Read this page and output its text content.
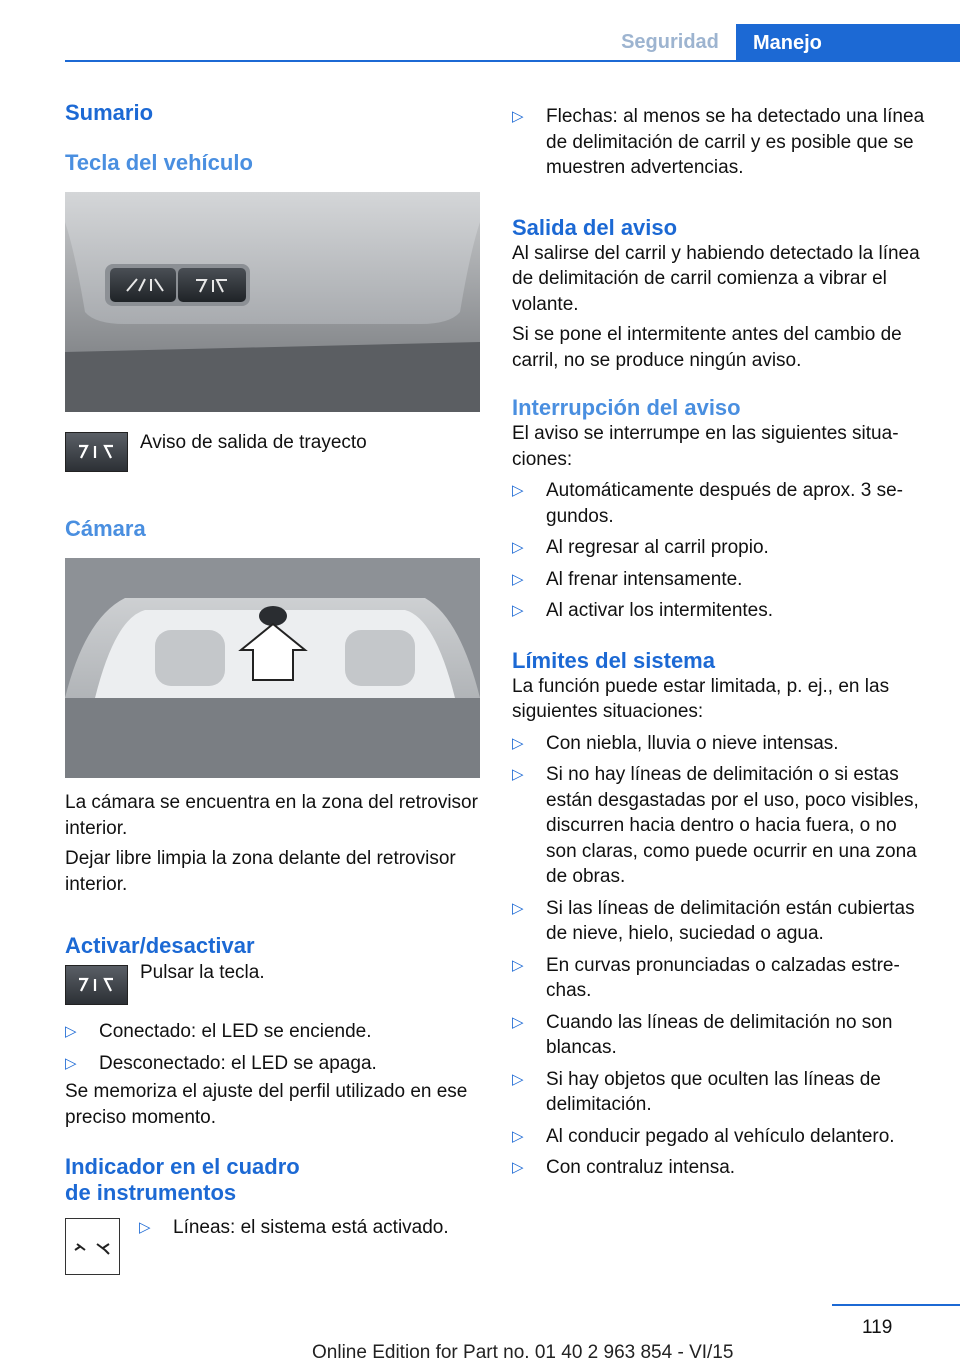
Seguridad	Manejo
Sumario
Tecla del vehículo

Aviso de salida de trayecto

Cámara

La cámara se encuentra en la zona del retrovisor interior.

Dejar libre limpia la zona delante del retrovisor interior.

Activar/desactivar

Pulsar la tecla.

▷ Conectado: el LED se enciende.
▷ Desconectado: el LED se apaga.

Se memoriza el ajuste del perfil utilizado en ese preciso momento.

Indicador en el cuadro
de instrumentos
▷ Líneas: el sistema está activado.
▷ Flechas: al menos se ha detectado una línea de delimitación de carril y es posible que se muestren advertencias.
Salida del aviso

Al salirse del carril y habiendo detectado la línea de delimitación de carril comienza a vibrar el volante.

Si se pone el intermitente antes del cambio de carril, no se produce ningún aviso.

Interrupción del aviso

El aviso se interrumpe en las siguientes situaciones:

▷ Automáticamente después de aprox. 3 segundos.
▷ Al regresar al carril propio.
▷ Al frenar intensamente.
▷ Al activar los intermitentes.
Límites del sistema

La función puede estar limitada, p. ej., en las siguientes situaciones:

▷ Con niebla, lluvia o nieve intensas.
▷ Si no hay líneas de delimitación o si estas están desgastadas por el uso, poco visibles, discurren hacia dentro o hacia fuera, o no son claras, como puede ocurrir en una zona de obras.
▷ Si las líneas de delimitación están cubiertas de nieve, hielo, suciedad o agua.
▷ En curvas pronunciadas o calzadas estrechas.
▷ Cuando las líneas de delimitación no son blancas.
▷ Si hay objetos que oculten las líneas de delimitación.
▷ Al conducir pegado al vehículo delantero.
▷ Con contraluz intensa.
119
Online Edition for Part no. 01 40 2 963 854 - VI/15
